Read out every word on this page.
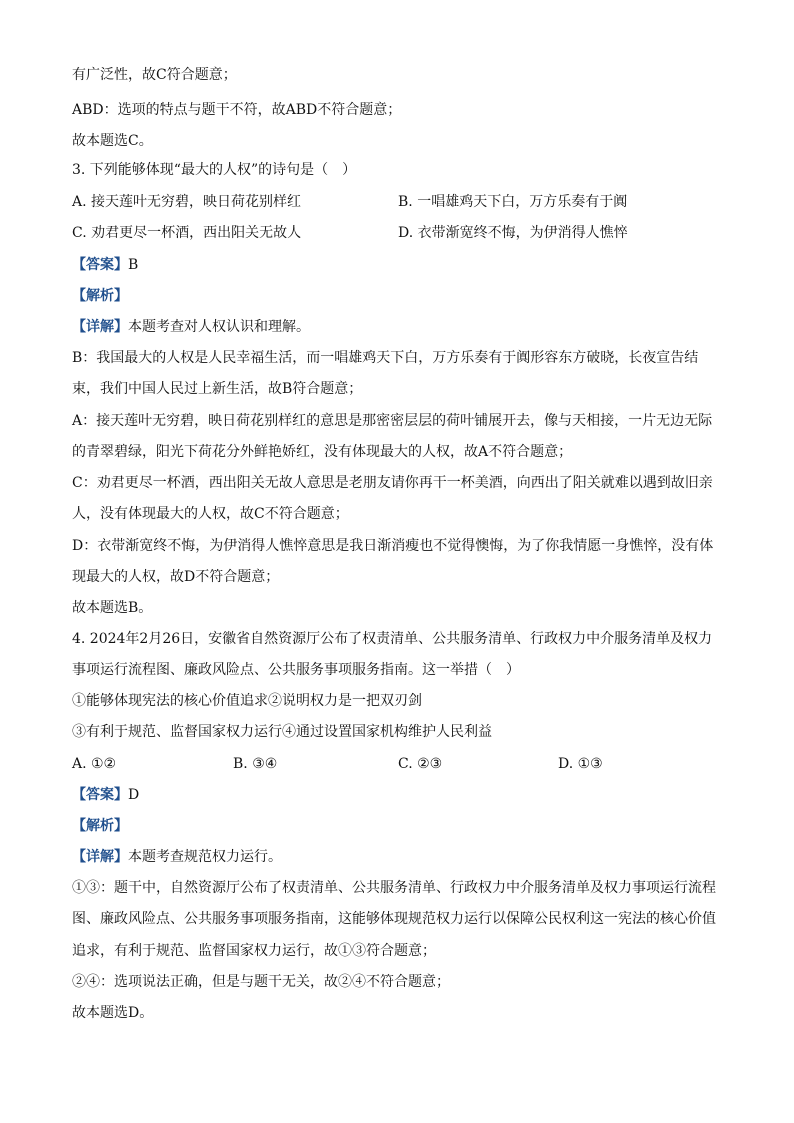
有广泛性，故C符合题意；
ABD：选项的特点与题干不符，故ABD不符合题意；
故本题选C。
3. 下列能够体现“最大的人权”的诗句是（　）
A. 接天莲叶无穷碧，映日荷花别样红	B. 一唱雄鸡天下白，万方乐奏有于阗
C. 劝君更尽一杯酒，西出阳关无故人	D. 衣带渐宽终不悔，为伊消得人憔悴
【 答案 】 B
【 解析 】
【 详解 】 本题考查对人权认识和理解。
B：我国最大的人权是人民幸福生活，而一唱雄鸡天下白，万方乐奏有于阗形容东方破晓，长夜宣告结
束，我们中国人民过上新生活，故B符合题意；
A：接天莲叶无穷碧，映日荷花别样红的意思是那密密层层的荷叶铺展开去，像与天相接，一片无边无际
的青翠碧绿，阳光下荷花分外鲜艳娇红，没有体现最大的人权，故A不符合题意；
C：劝君更尽一杯酒，西出阳关无故人意思是老朋友请你再干一杯美酒，向西出了阳关就难以遇到故旧亲
人，没有体现最大的人权，故C不符合题意；
D：衣带渐宽终不悔，为伊消得人憔悴意思是我日渐消瘦也不觉得懊悔，为了你我情愿一身憔悴，没有体
现最大的人权，故D不符合题意；
故本题选B。
4. 2024年2月26日，安徽省自然资源厅公布了权责清单、公共服务清单、行政权力中介服务清单及权力
事项运行流程图、廉政风险点、公共服务事项服务指南。这一举措（　）
①能够体现宪法的核心价值追求②说明权力是一把双刃剑
③有利于规范、监督国家权力运行④通过设置国家机构维护人民利益
A. ①②	B. ③④	C. ②③	D. ①③
【 答案 】 D
【 解析 】
【 详解 】 本题考查规范权力运行。
①③：题干中，自然资源厅公布了权责清单、公共服务清单、行政权力中介服务清单及权力事项运行流程
图、廉政风险点、公共服务事项服务指南，这能够体现规范权力运行以保障公民权利这一宪法的核心价值
追求，有利于规范、监督国家权力运行，故①③符合题意；
②④：选项说法正确，但是与题干无关，故②④不符合题意；
故本题选D。
